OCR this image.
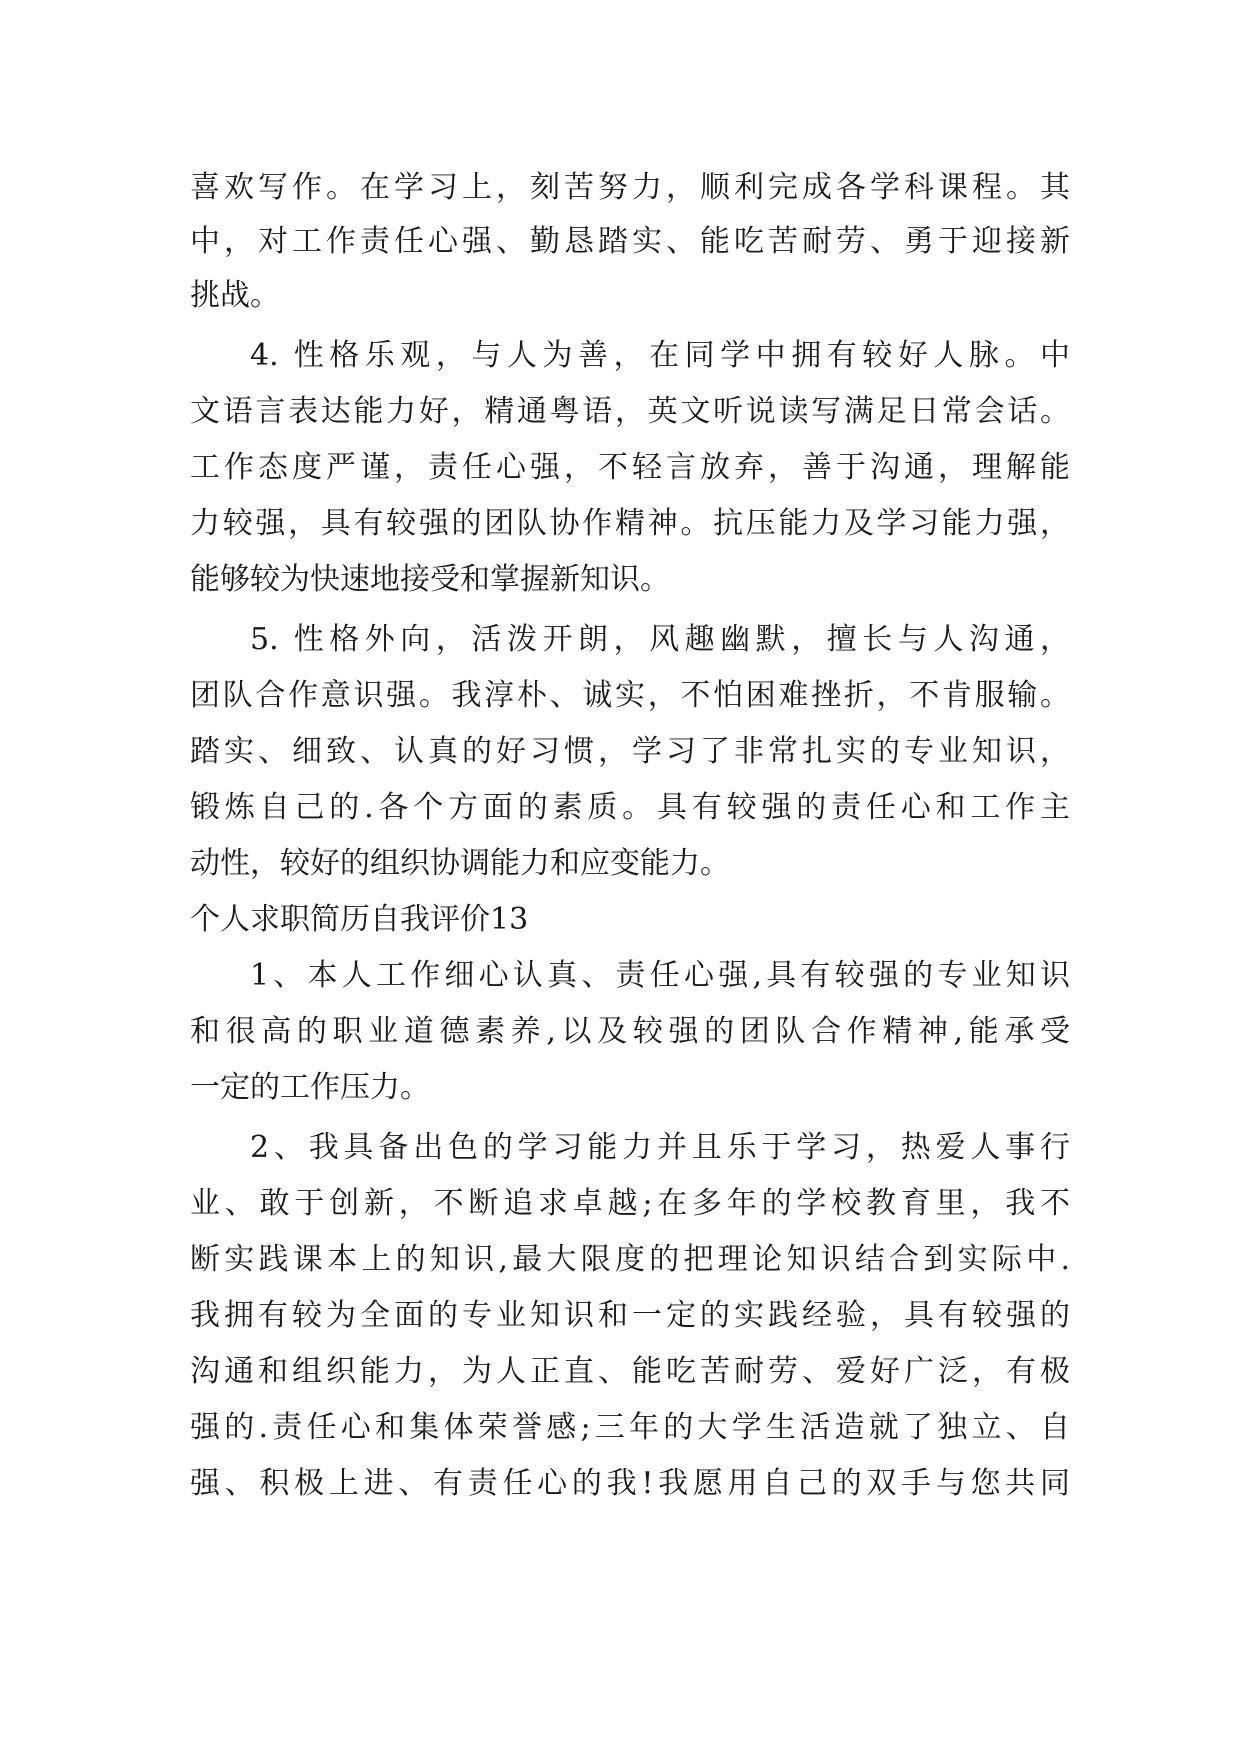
喜欢写作。在学习上，刻苦努力，顺利完成各学科课程。其
中，对工作责任心强、勤恳踏实、能吃苦耐劳、勇于迎接新
挑战。
4. 性格乐观，与人为善，在同学中拥有较好人脉。中
文语言表达能力好，精通粤语，英文听说读写满足日常会话。
工作态度严谨，责任心强，不轻言放弃，善于沟通，理解能
力较强，具有较强的团队协作精神。抗压能力及学习能力强，
能够较为快速地接受和掌握新知识。
5. 性格外向，活泼开朗，风趣幽默，擅长与人沟通，
团队合作意识强。我淳朴、诚实，不怕困难挫折，不肯服输。
踏实、细致、认真的好习惯，学习了非常扎实的专业知识，
锻炼自己的.各个方面的素质。具有较强的责任心和工作主
动性，较好的组织协调能力和应变能力。
个人求职简历自我评价13
1、本人工作细心认真、责任心强,具有较强的专业知识
和很高的职业道德素养,以及较强的团队合作精神,能承受
一定的工作压力。
2、我具备出色的学习能力并且乐于学习，热爱人事行
业、敢于创新，不断追求卓越;在多年的学校教育里，我不
断实践课本上的知识,最大限度的把理论知识结合到实际中.
我拥有较为全面的专业知识和一定的实践经验，具有较强的
沟通和组织能力，为人正直、能吃苦耐劳、爱好广泛，有极
强的.责任心和集体荣誉感;三年的大学生活造就了独立、自
强、积极上进、有责任心的我!我愿用自己的双手与您共同
